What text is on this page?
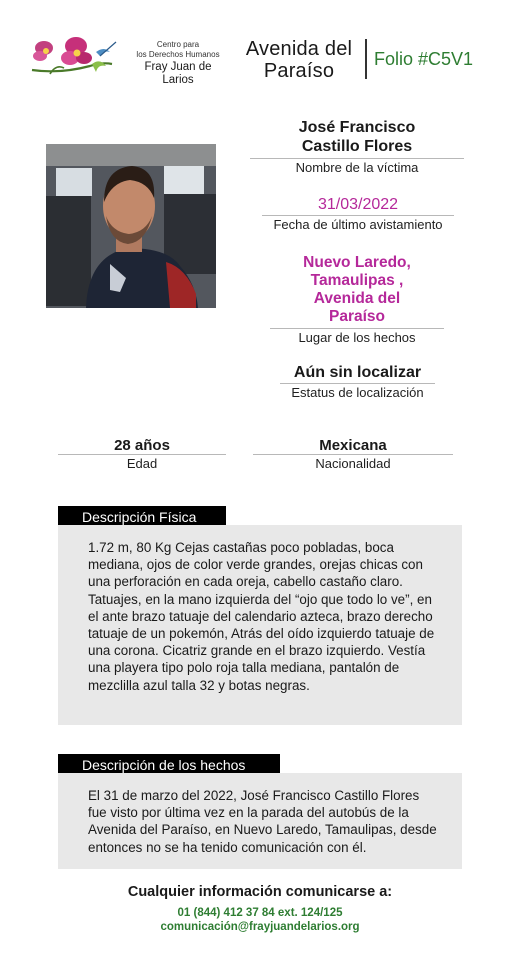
Centro para
los Derechos Humanos
Fray Juan de Larios
Avenida del Paraíso
Folio #C5V1
José Francisco Castillo Flores
Nombre de la víctima
31/03/2022
Fecha de último avistamiento
Nuevo Laredo, Tamaulipas , Avenida del Paraíso
Lugar de los hechos
Aún sin localizar
Estatus de localización
28 años
Edad
Mexicana
Nacionalidad
Descripción Física
1.72 m, 80 Kg Cejas castañas poco pobladas, boca mediana, ojos de color verde grandes, orejas chicas con una perforación en cada oreja, cabello castaño claro. Tatuajes, en la mano izquierda del “ojo que todo lo ve”, en el ante brazo tatuaje del calendario azteca, brazo derecho tatuaje de un pokemón, Atrás del oído izquierdo tatuaje de una corona. Cicatriz grande en el brazo izquierdo. Vestía una playera tipo polo roja talla mediana, pantalón de mezclilla azul talla 32 y botas negras.
Descripción de los hechos
El 31 de marzo del 2022, José Francisco Castillo Flores fue visto por última vez en la parada del autobús de la Avenida del Paraíso, en Nuevo Laredo, Tamaulipas, desde entonces no se ha tenido comunicación con él.
Cualquier información comunicarse a:
01 (844) 412 37 84 ext. 124/125
comunicación@frayjuandelarios.org
